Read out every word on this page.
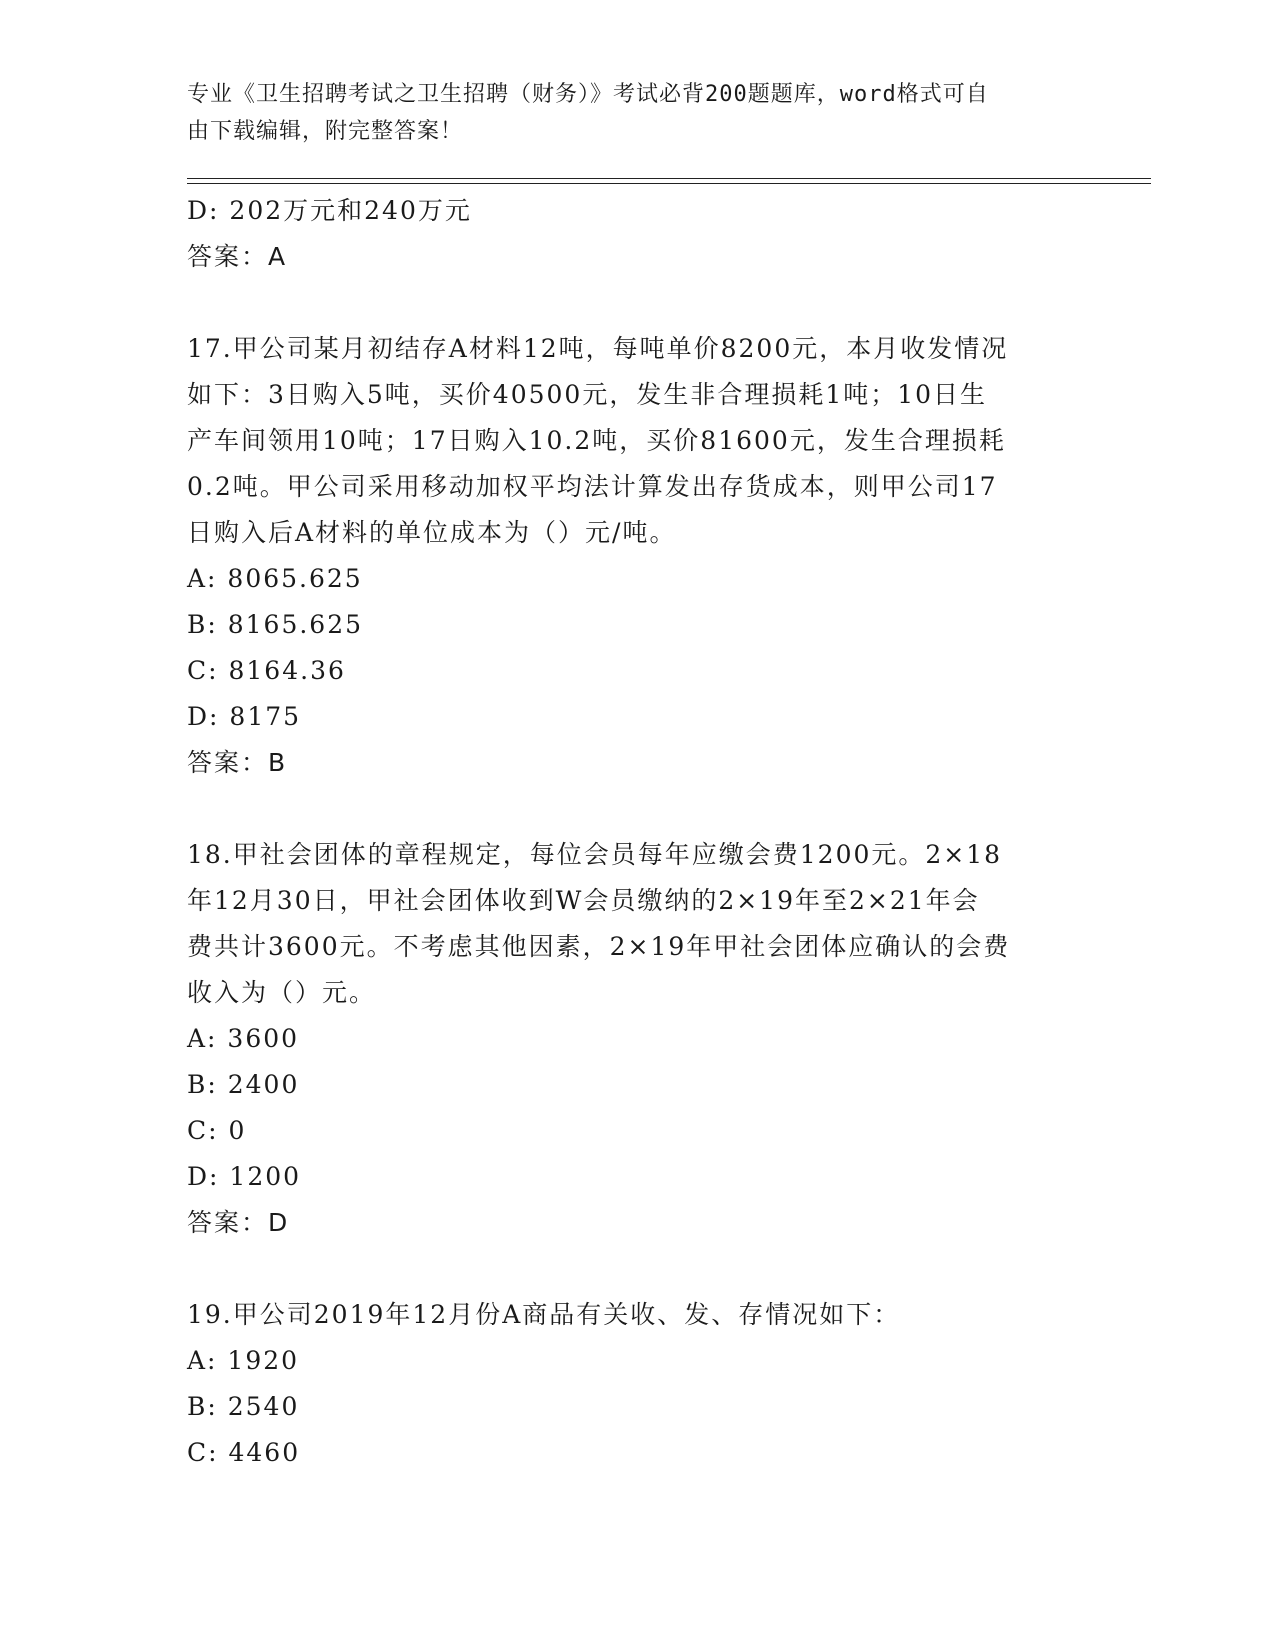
专业《卫生招聘考试之卫生招聘（财务）》考试必背200题题库，word格式可自
由下载编辑，附完整答案！
D: 202万元和240万元
答案：A

17.甲公司某月初结存A材料12吨，每吨单价8200元，本月收发情况

如下：3日购入5吨，买价40500元，发生非合理损耗1吨；10日生

产车间领用10吨；17日购入10.2吨，买价81600元，发生合理损耗

0.2吨。甲公司采用移动加权平均法计算发出存货成本，则甲公司17

日购入后A材料的单位成本为（）元/吨。

A: 8065.625
B: 8165.625
C: 8164.36
D: 8175
答案：B

18.甲社会团体的章程规定，每位会员每年应缴会费1200元。2×18

年12月30日，甲社会团体收到W会员缴纳的2×19年至2×21年会

费共计3600元。不考虑其他因素，2×19年甲社会团体应确认的会费

收入为（）元。

A: 3600
B: 2400
C: 0
D: 1200
答案：D

19.甲公司2019年12月份A商品有关收、发、存情况如下：

A: 1920
B: 2540
C: 4460
